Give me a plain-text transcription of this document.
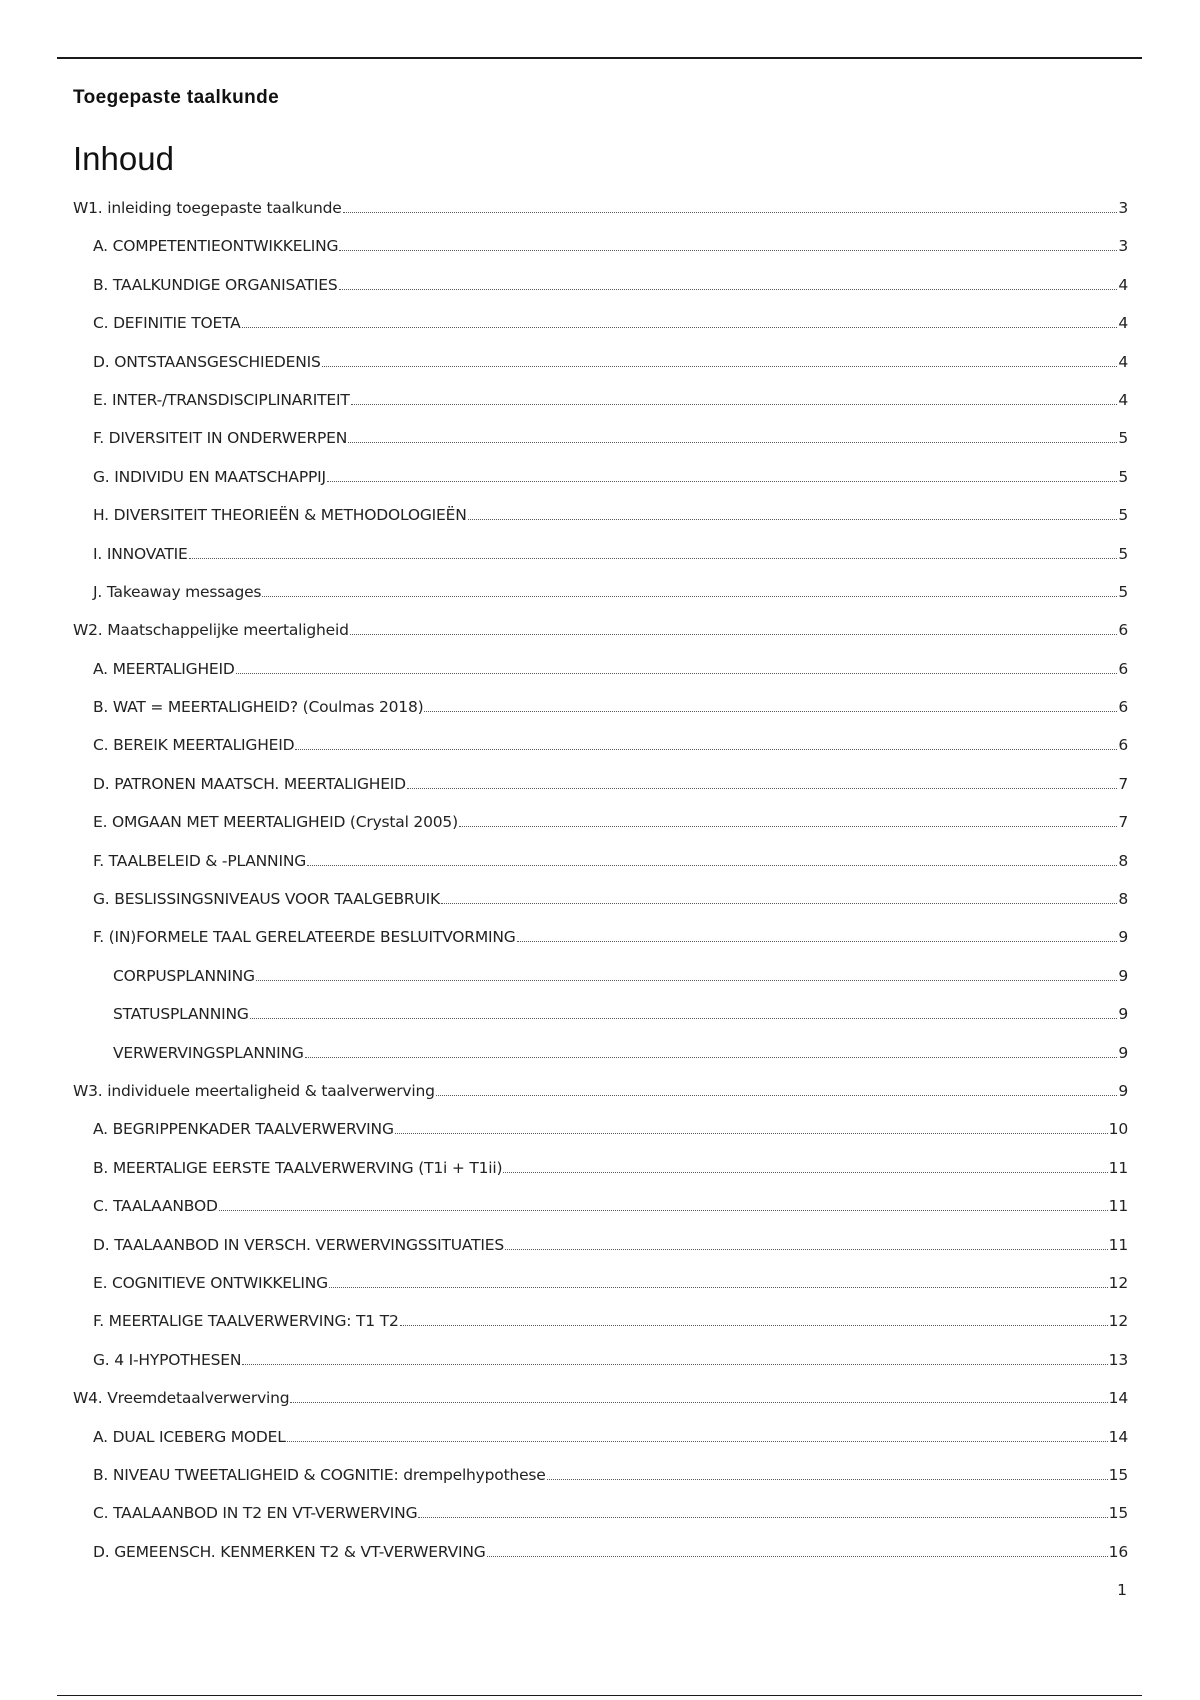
Toegepaste taalkunde
Inhoud
W1. inleiding toegepaste taalkunde	3
A. COMPETENTIEONTWIKKELING	3
B. TAALKUNDIGE ORGANISATIES	4
C. DEFINITIE TOETA	4
D. ONTSTAANSGESCHIEDENIS	4
E. INTER-/TRANSDISCIPLINARITEIT	4
F. DIVERSITEIT IN ONDERWERPEN	5
G. INDIVIDU EN MAATSCHAPPIJ	5
H. DIVERSITEIT THEORIEËN & METHODOLOGIEËN	5
I. INNOVATIE	5
J. Takeaway messages	5
W2. Maatschappelijke meertaligheid	6
A. MEERTALIGHEID	6
B. WAT = MEERTALIGHEID? (Coulmas 2018)	6
C. BEREIK MEERTALIGHEID	6
D. PATRONEN MAATSCH. MEERTALIGHEID	7
E. OMGAAN MET MEERTALIGHEID (Crystal 2005)	7
F. TAALBELEID & -PLANNING	8
G. BESLISSINGSNIVEAUS VOOR TAALGEBRUIK	8
F. (IN)FORMELE TAAL GERELATEERDE BESLUITVORMING	9
CORPUSPLANNING	9
STATUSPLANNING	9
VERWERVINGSPLANNING	9
W3. individuele meertaligheid & taalverwerving	9
A. BEGRIPPENKADER TAALVERWERVING	10
B. MEERTALIGE EERSTE TAALVERWERVING (T1i + T1ii)	11
C. TAALAANBOD	11
D. TAALAANBOD IN VERSCH. VERWERVINGSSITUATIES	11
E. COGNITIEVE ONTWIKKELING	12
F. MEERTALIGE TAALVERWERVING: T1 T2	12
G. 4 I-HYPOTHESEN	13
W4. Vreemdetaalverwerving	14
A. DUAL ICEBERG MODEL	14
B. NIVEAU TWEETALIGHEID & COGNITIE: drempelhypothese	15
C. TAALAANBOD IN T2 EN VT-VERWERVING	15
D. GEMEENSCH. KENMERKEN T2 & VT-VERWERVING	16
1
